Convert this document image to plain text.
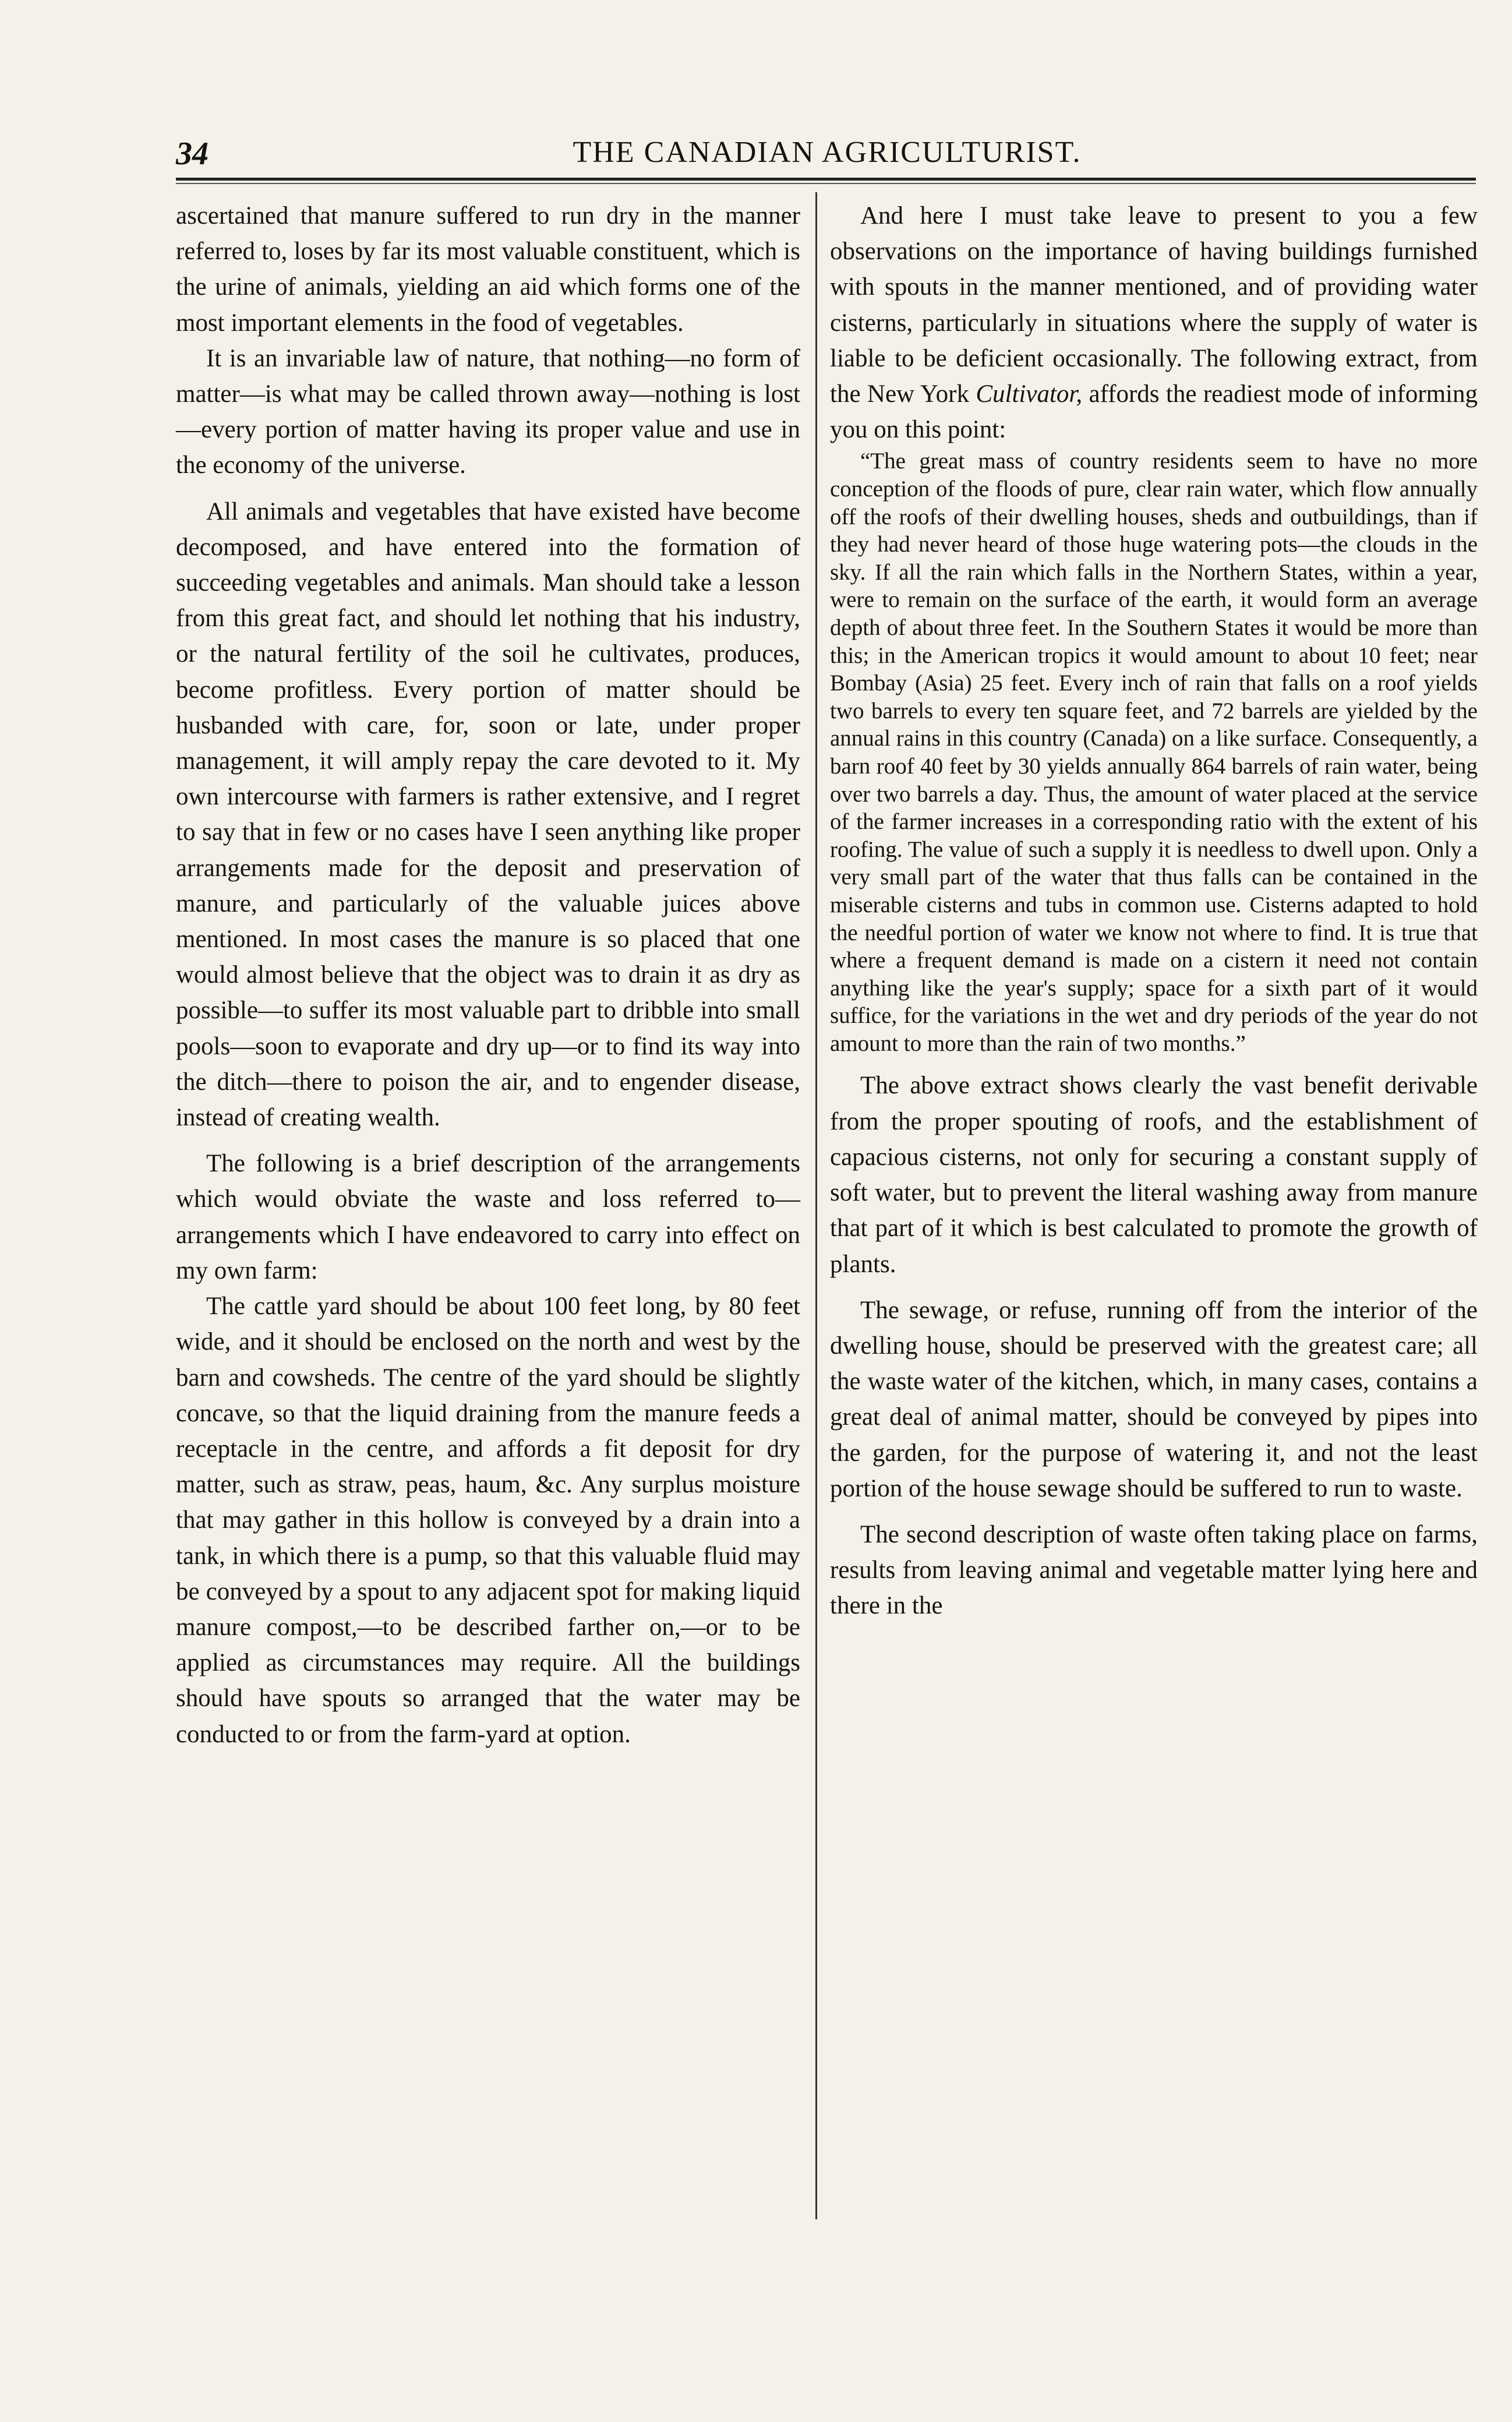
34	THE CANADIAN AGRICULTURIST.

ascertained that manure suffered to run dry in the manner referred to, loses by far its most valuable constituent, which is the urine of animals, yielding an aid which forms one of the most important elements in the food of vegetables.

It is an invariable law of nature, that nothing—no form of matter—is what may be called thrown away—nothing is lost—every portion of matter having its proper value and use in the economy of the universe.

All animals and vegetables that have existed have become decomposed, and have entered into the formation of succeeding vegetables and animals. Man should take a lesson from this great fact, and should let nothing that his industry, or the natural fertility of the soil he cultivates, produces, become profitless. Every portion of matter should be husbanded with care, for, soon or late, under proper management, it will amply repay the care devoted to it. My own intercourse with farmers is rather extensive, and I regret to say that in few or no cases have I seen anything like proper arrangements made for the deposit and preservation of manure, and particularly of the valuable juices above mentioned. In most cases the manure is so placed that one would almost believe that the object was to drain it as dry as possible—to suffer its most valuable part to dribble into small pools—soon to evaporate and dry up—or to find its way into the ditch—there to poison the air, and to engender disease, instead of creating wealth.

The following is a brief description of the arrangements which would obviate the waste and loss referred to—arrangements which I have endeavored to carry into effect on my own farm:

The cattle yard should be about 100 feet long, by 80 feet wide, and it should be enclosed on the north and west by the barn and cowsheds. The centre of the yard should be slightly concave, so that the liquid draining from the manure feeds a receptacle in the centre, and affords a fit deposit for dry matter, such as straw, peas, haum, &c. Any surplus moisture that may gather in this hollow is conveyed by a drain into a tank, in which there is a pump, so that this valuable fluid may be conveyed by a spout to any adjacent spot for making liquid manure compost,—to be described farther on,—or to be applied as circumstances may require. All the buildings should have spouts so arranged that the water may be conducted to or from the farm-yard at option.

And here I must take leave to present to you a few observations on the importance of having buildings furnished with spouts in the manner mentioned, and of providing water cisterns, particularly in situations where the supply of water is liable to be deficient occasionally. The following extract, from the New York Cultivator, affords the readiest mode of informing you on this point:

“The great mass of country residents seem to have no more conception of the floods of pure, clear rain water, which flow annually off the roofs of their dwelling houses, sheds and outbuildings, than if they had never heard of those huge watering pots—the clouds in the sky. If all the rain which falls in the Northern States, within a year, were to remain on the surface of the earth, it would form an average depth of about three feet. In the Southern States it would be more than this; in the American tropics it would amount to about 10 feet; near Bombay (Asia) 25 feet. Every inch of rain that falls on a roof yields two barrels to every ten square feet, and 72 barrels are yielded by the annual rains in this country (Canada) on a like surface. Consequently, a barn roof 40 feet by 30 yields annually 864 barrels of rain water, being over two barrels a day. Thus, the amount of water placed at the service of the farmer increases in a corresponding ratio with the extent of his roofing. The value of such a supply it is needless to dwell upon. Only a very small part of the water that thus falls can be contained in the miserable cisterns and tubs in common use. Cisterns adapted to hold the needful portion of water we know not where to find. It is true that where a frequent demand is made on a cistern it need not contain anything like the year's supply; space for a sixth part of it would suffice, for the variations in the wet and dry periods of the year do not amount to more than the rain of two months.”

The above extract shows clearly the vast benefit derivable from the proper spouting of roofs, and the establishment of capacious cisterns, not only for securing a constant supply of soft water, but to prevent the literal washing away from manure that part of it which is best calculated to promote the growth of plants.

The sewage, or refuse, running off from the interior of the dwelling house, should be preserved with the greatest care; all the waste water of the kitchen, which, in many cases, contains a great deal of animal matter, should be conveyed by pipes into the garden, for the purpose of watering it, and not the least portion of the house sewage should be suffered to run to waste.

The second description of waste often taking place on farms, results from leaving animal and vegetable matter lying here and there in the
